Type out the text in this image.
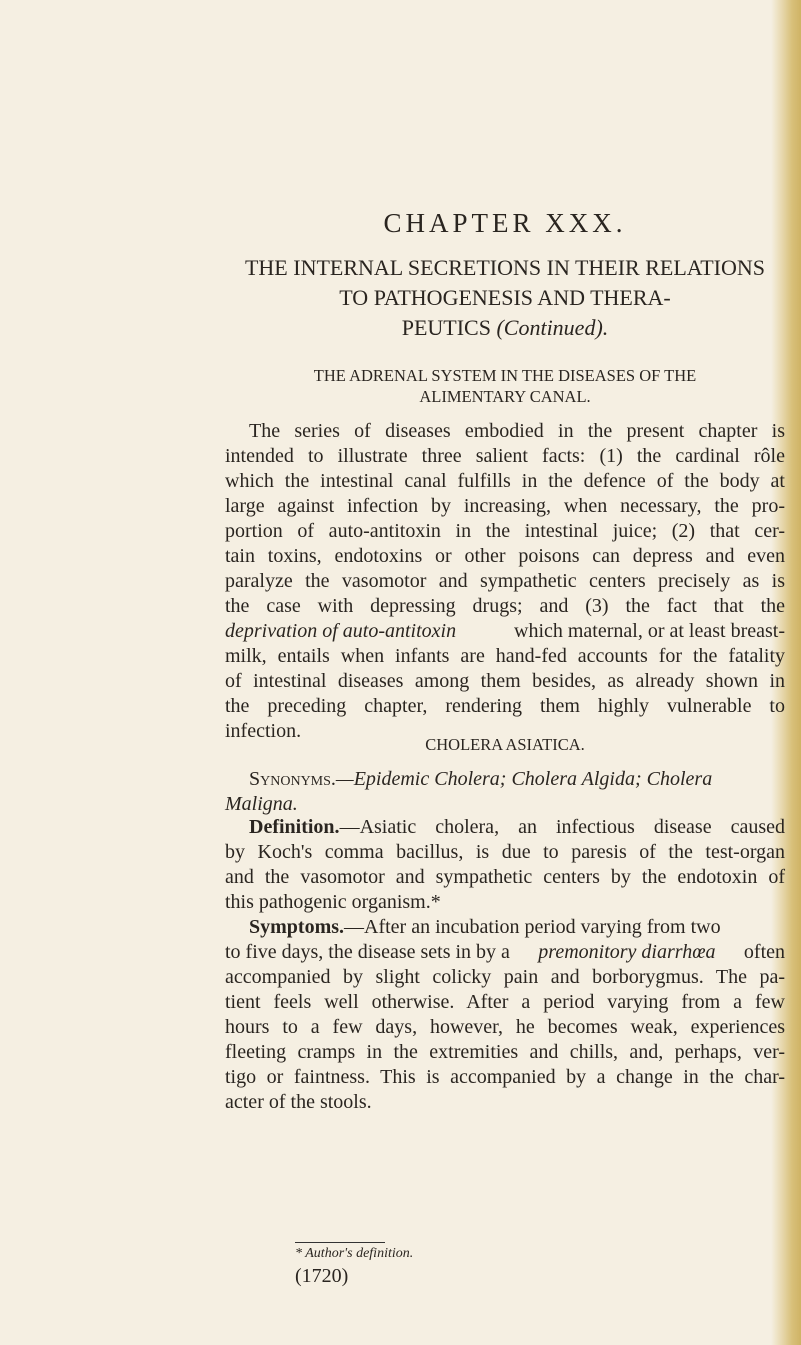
CHAPTER XXX.
THE INTERNAL SECRETIONS IN THEIR RELATIONS
TO PATHOGENESIS AND THERA-
PEUTICS (Continued).
THE ADRENAL SYSTEM IN THE DISEASES OF THE
ALIMENTARY CANAL.
The series of diseases embodied in the present chapter is
intended to illustrate three salient facts: (1) the cardinal rôle
which the intestinal canal fulfills in the defence of the body at
large against infection by increasing, when necessary, the pro-
portion of auto-antitoxin in the intestinal juice; (2) that cer-
tain toxins, endotoxins or other poisons can depress and even
paralyze the vasomotor and sympathetic centers precisely as is
the case with depressing drugs; and (3) the fact that the
deprivation of auto-antitoxin	which maternal, or at least breast-
milk, entails when infants are hand-fed accounts for the fatality
of intestinal diseases among them besides, as already shown in
the preceding chapter, rendering them highly vulnerable to
infection.
CHOLERA ASIATICA.
Synonyms.—Epidemic Cholera; Cholera Algida; Cholera
Maligna.
Definition.—Asiatic cholera, an infectious disease caused
by Koch's comma bacillus, is due to paresis of the test-organ
and the vasomotor and sympathetic centers by the endotoxin of
this pathogenic organism.*
Symptoms.—After an incubation period varying from two
to five days, the disease sets in by a premonitory diarrhœa often
accompanied by slight colicky pain and borborygmus. The pa-
tient feels well otherwise. After a period varying from a few
hours to a few days, however, he becomes weak, experiences
fleeting cramps in the extremities and chills, and, perhaps, ver-
tigo or faintness. This is accompanied by a change in the char-
acter of the stools.
* Author's definition.
(1720)
